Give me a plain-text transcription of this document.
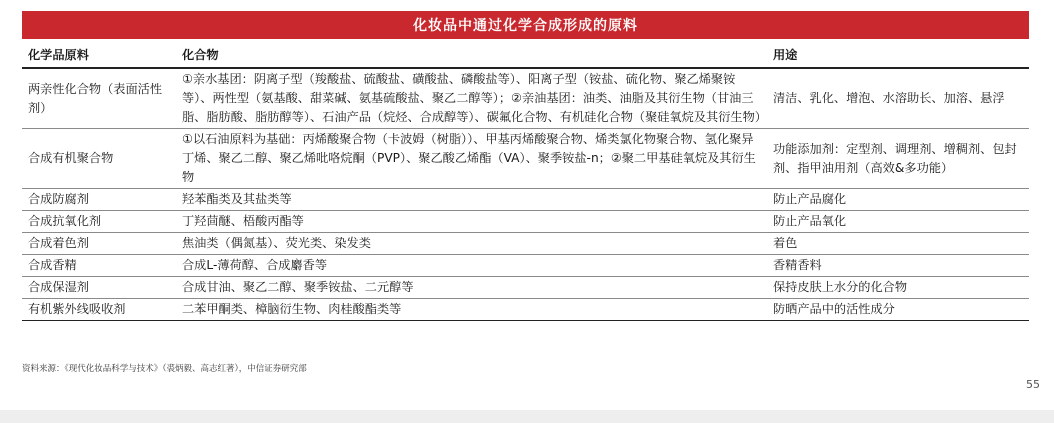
化妆品中通过化学合成形成的原料
化学品原料	化合物	用途
两亲性化合物（表面活性剂）	①亲水基团：阴离子型（羧酸盐、硫酸盐、磺酸盐、磷酸盐等）、阳离子型（铵盐、硫化物、聚乙烯聚铵等）、两性型（氨基酸、甜菜碱、氨基硫酸盐、聚乙二醇等）；②亲油基团：油类、油脂及其衍生物（甘油三脂、脂肪酸、脂肪醇等）、石油产品（烷烃、合成醇等）、碳氟化合物、有机硅化合物（聚硅氧烷及其衍生物）	清洁、乳化、增泡、水溶助长、加溶、悬浮
合成有机聚合物	①以石油原料为基础：丙烯酸聚合物（卡波姆（树脂））、甲基丙烯酸聚合物、烯类氯化物聚合物、氢化聚异丁烯、聚乙二醇、聚乙烯吡咯烷酮（PVP）、聚乙酸乙烯酯（VA）、聚季铵盐-n；②聚二甲基硅氧烷及其衍生物	功能添加剂：定型剂、调理剂、增稠剂、包封剂、指甲油用剂（高效&多功能）
合成防腐剂	羟苯酯类及其盐类等	防止产品腐化
合成抗氧化剂	丁羟茴醚、梧酸丙酯等	防止产品氧化
合成着色剂	焦油类（偶氮基）、荧光类、染发类	着色
合成香精	合成L-薄荷醇、合成麝香等	香精香料
合成保湿剂	合成甘油、聚乙二醇、聚季铵盐、二元醇等	保持皮肤上水分的化合物
有机紫外线吸收剂	二苯甲酮类、樟脑衍生物、肉桂酸酯类等	防晒产品中的活性成分
资料来源：《现代化妆品科学与技术》（裘炳毅、高志红著），中信证券研究部
55
